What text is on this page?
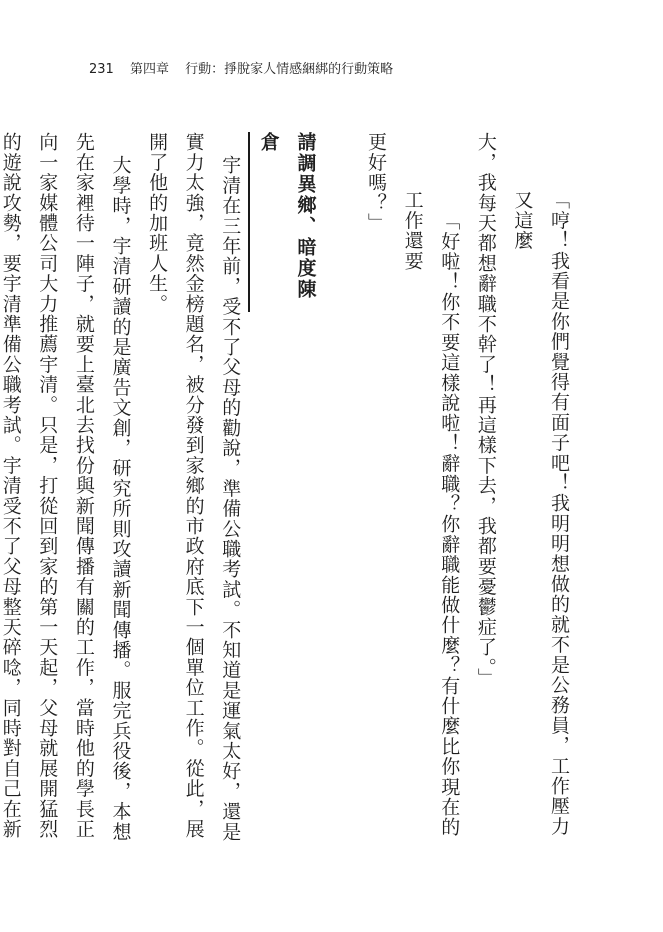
231 第四章 行動：掙脫家人情感綑綁的行動策略

「哼！我看是你們覺得有面子吧！我明明想做的就不是公務員，工作壓力又這麼

大，我每天都想辭職不幹了！再這樣下去，我都要憂鬱症了。」

「好啦！你不要這樣說啦！辭職？你辭職能做什麼？有什麼比你現在的工作還要

更好嗎？」

請調異鄉、暗度陳倉

宇清在三年前，受不了父母的勸說，準備公職考試。不知道是運氣太好，還是實力太強，竟然金榜題名，被分發到家鄉的市政府底下一個單位工作。從此，展開了他的加班人生。

大學時，宇清研讀的是廣告文創，研究所則攻讀新聞傳播。服完兵役後，本想先在家裡待一陣子，就要上臺北去找份與新聞傳播有關的工作，當時他的學長正向一家媒體公司大力推薦宇清。只是，打從回到家的第一天起，父母就展開猛烈的遊說攻勢，要宇清準備公職考試。宇清受不了父母整天碎唸，同時對自己在新
